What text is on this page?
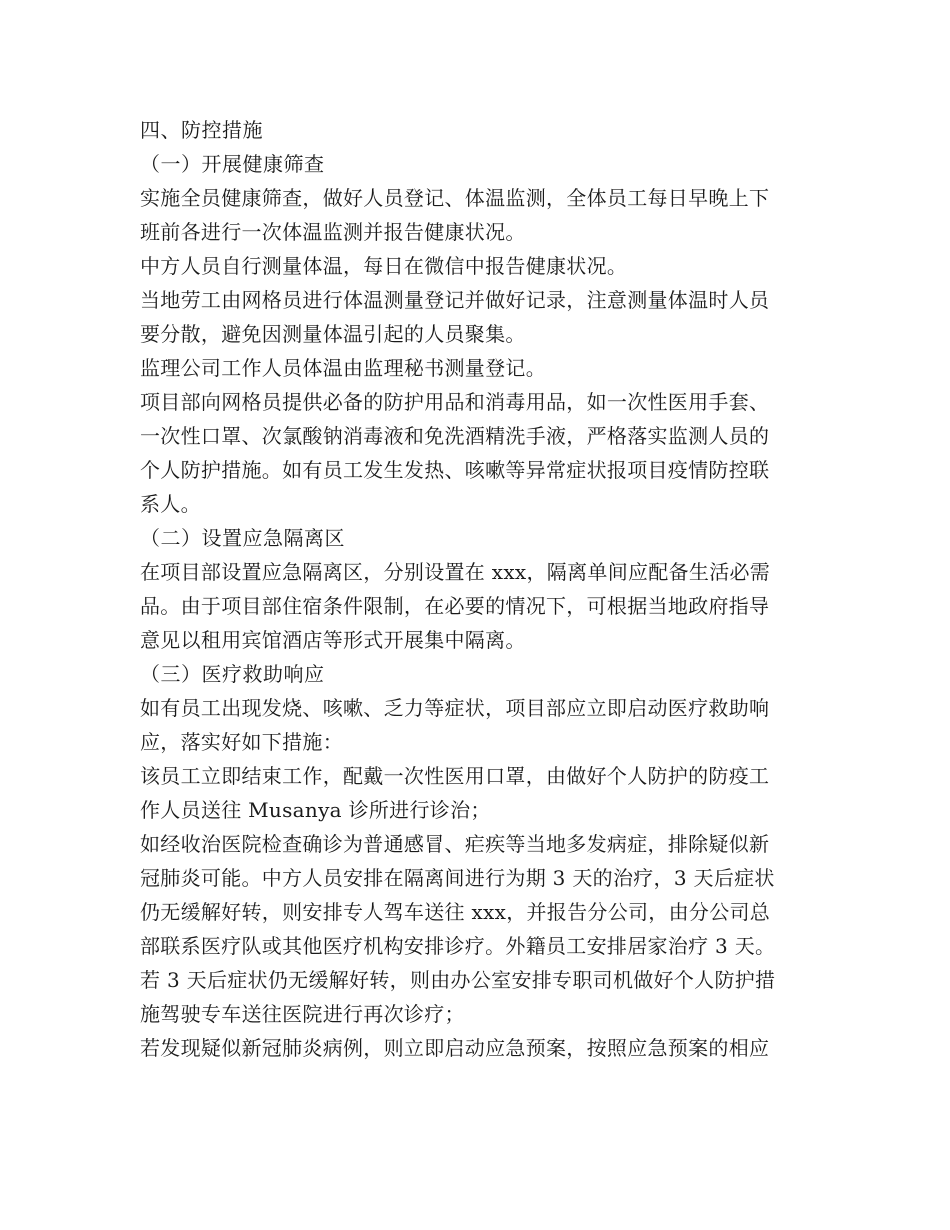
四、防控措施
（一）开展健康筛查
实施全员健康筛查，做好人员登记、体温监测，全体员工每日早晚上下
班前各进行一次体温监测并报告健康状况。
中方人员自行测量体温，每日在微信中报告健康状况。
当地劳工由网格员进行体温测量登记并做好记录，注意测量体温时人员
要分散，避免因测量体温引起的人员聚集。
监理公司工作人员体温由监理秘书测量登记。
项目部向网格员提供必备的防护用品和消毒用品，如一次性医用手套、
一次性口罩、次氯酸钠消毒液和免洗酒精洗手液，严格落实监测人员的
个人防护措施。如有员工发生发热、咳嗽等异常症状报项目疫情防控联
系人。
（二）设置应急隔离区
在项目部设置应急隔离区，分别设置在 xxx，隔离单间应配备生活必需
品。由于项目部住宿条件限制，在必要的情况下，可根据当地政府指导
意见以租用宾馆酒店等形式开展集中隔离。
（三）医疗救助响应
如有员工出现发烧、咳嗽、乏力等症状，项目部应立即启动医疗救助响
应，落实好如下措施：
该员工立即结束工作，配戴一次性医用口罩，由做好个人防护的防疫工
作人员送往 Musanya 诊所进行诊治；
如经收治医院检查确诊为普通感冒、疟疾等当地多发病症，排除疑似新
冠肺炎可能。中方人员安排在隔离间进行为期 3 天的治疗，3 天后症状
仍无缓解好转，则安排专人驾车送往 xxx，并报告分公司，由分公司总
部联系医疗队或其他医疗机构安排诊疗。外籍员工安排居家治疗 3 天。
若 3 天后症状仍无缓解好转，则由办公室安排专职司机做好个人防护措
施驾驶专车送往医院进行再次诊疗；
若发现疑似新冠肺炎病例，则立即启动应急预案，按照应急预案的相应
